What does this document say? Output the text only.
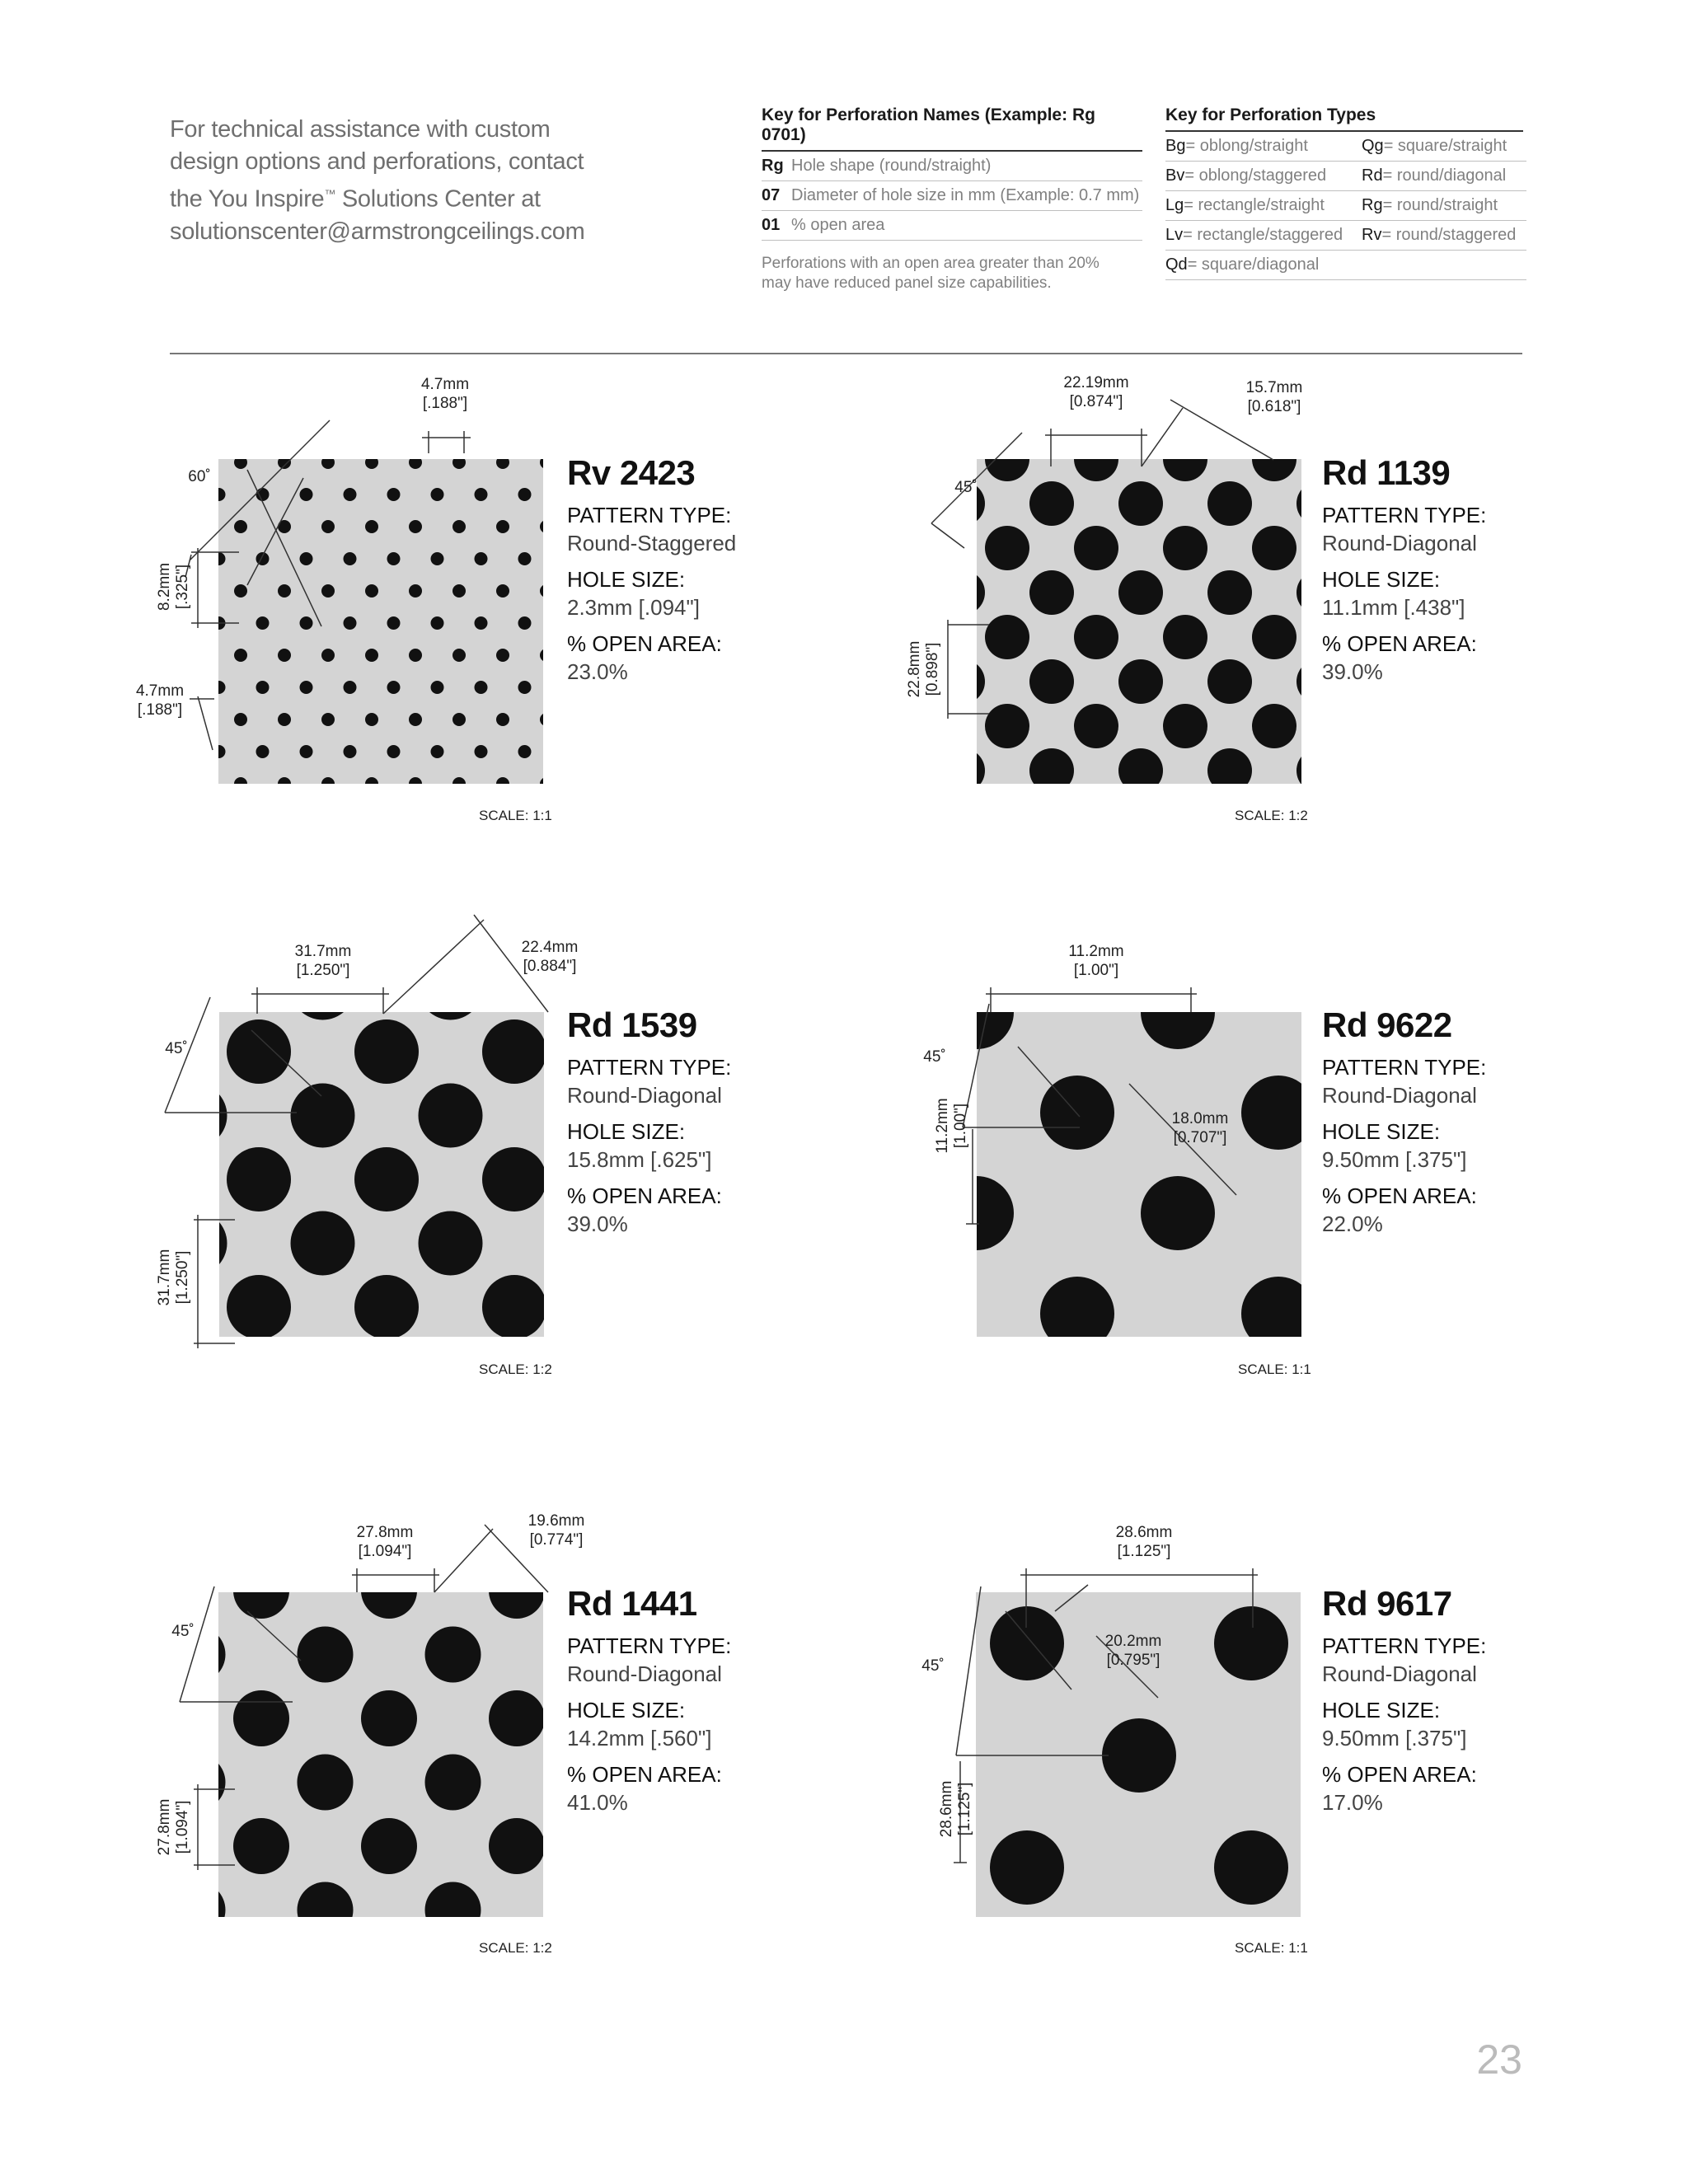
For technical assistance with custom
design options and perforations, contact
the You Inspire™ Solutions Center at
solutionscenter@armstrongceilings.com
Key for Perforation Names (Example: Rg 0701)
Rg Hole shape (round/straight)
07 Diameter of hole size in mm (Example: 0.7 mm)
01 % open area
Perforations with an open area greater than 20% may have reduced panel size capabilities.
Key for Perforation Types
Bg = oblong/straight	Qg = square/straight
Bv = oblong/staggered Rd = round/diagonal
Lg = rectangle/straight Rg = round/straight
Lv = rectangle/staggered Rv = round/staggered
Qd = square/diagonal
4.7mm
[.188"]
60˚
8.2mm [.325"]
4.7mm
[.188"]
Rv 2423
PATTERN TYPE:
Round-Staggered
HOLE SIZE:
2.3mm [.094"]
% OPEN AREA:
23.0%
SCALE: 1:1
22.19mm
[0.874"]
15.7mm
[0.618"]
45˚
22.8mm [0.898"]
Rd 1139
PATTERN TYPE:
Round-Diagonal
HOLE SIZE:
11.1mm [.438"]
% OPEN AREA:
39.0%
SCALE: 1:2
31.7mm
[1.250"]
22.4mm
[0.884"]
45˚
31.7mm [1.250"]
Rd 1539
PATTERN TYPE:
Round-Diagonal
HOLE SIZE:
15.8mm [.625"]
% OPEN AREA:
39.0%
SCALE: 1:2
11.2mm
[1.00"]
18.0mm
[0.707"]
45˚
11.2mm [1.00"]
Rd 9622
PATTERN TYPE:
Round-Diagonal
HOLE SIZE:
9.50mm [.375"]
% OPEN AREA:
22.0%
SCALE: 1:1
27.8mm
[1.094"]
19.6mm
[0.774"]
45˚
27.8mm [1.094"]
Rd 1441
PATTERN TYPE:
Round-Diagonal
HOLE SIZE:
14.2mm [.560"]
% OPEN AREA:
41.0%
SCALE: 1:2
28.6mm
[1.125"]
20.2mm
[0.795"]
45˚
28.6mm [1.125"]
Rd 9617
PATTERN TYPE:
Round-Diagonal
HOLE SIZE:
9.50mm [.375"]
% OPEN AREA:
17.0%
SCALE: 1:1
23
